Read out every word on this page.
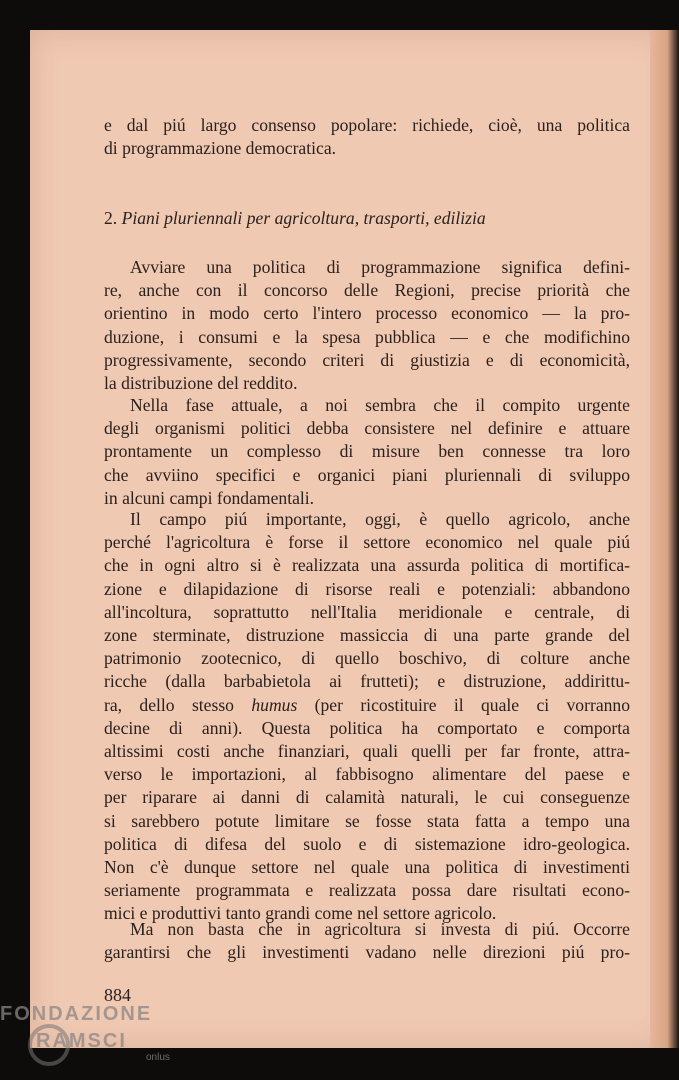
e dal piú largo consenso popolare: richiede, cioè, una politica
di programmazione democratica.
2. Piani pluriennali per agricoltura, trasporti, edilizia
Avviare una politica di programmazione significa defini-
re, anche con il concorso delle Regioni, precise priorità che
orientino in modo certo l'intero processo economico — la pro-
duzione, i consumi e la spesa pubblica — e che modifichino
progressivamente, secondo criteri di giustizia e di economicità,
la distribuzione del reddito.
Nella fase attuale, a noi sembra che il compito urgente
degli organismi politici debba consistere nel definire e attuare
prontamente un complesso di misure ben connesse tra loro
che avviino specifici e organici piani pluriennali di sviluppo
in alcuni campi fondamentali.
Il campo piú importante, oggi, è quello agricolo, anche
perché l'agricoltura è forse il settore economico nel quale piú
che in ogni altro si è realizzata una assurda politica di mortifica-
zione e dilapidazione di risorse reali e potenziali: abbandono
all'incoltura, soprattutto nell'Italia meridionale e centrale, di
zone sterminate, distruzione massiccia di una parte grande del
patrimonio zootecnico, di quello boschivo, di colture anche
ricche (dalla barbabietola ai frutteti); e distruzione, addirittu-
ra, dello stesso humus (per ricostituire il quale ci vorranno
decine di anni). Questa politica ha comportato e comporta
altissimi costi anche finanziari, quali quelli per far fronte, attra-
verso le importazioni, al fabbisogno alimentare del paese e
per riparare ai danni di calamità naturali, le cui conseguenze
si sarebbero potute limitare se fosse stata fatta a tempo una
politica di difesa del suolo e di sistemazione idro-geologica.
Non c'è dunque settore nel quale una politica di investimenti
seriamente programmata e realizzata possa dare risultati econo-
mici e produttivi tanto grandi come nel settore agricolo.
Ma non basta che in agricoltura si investa di piú. Occorre
garantirsi che gli investimenti vadano nelle direzioni piú pro-
884
FONDAZIONE
RAMSCI
onlus
